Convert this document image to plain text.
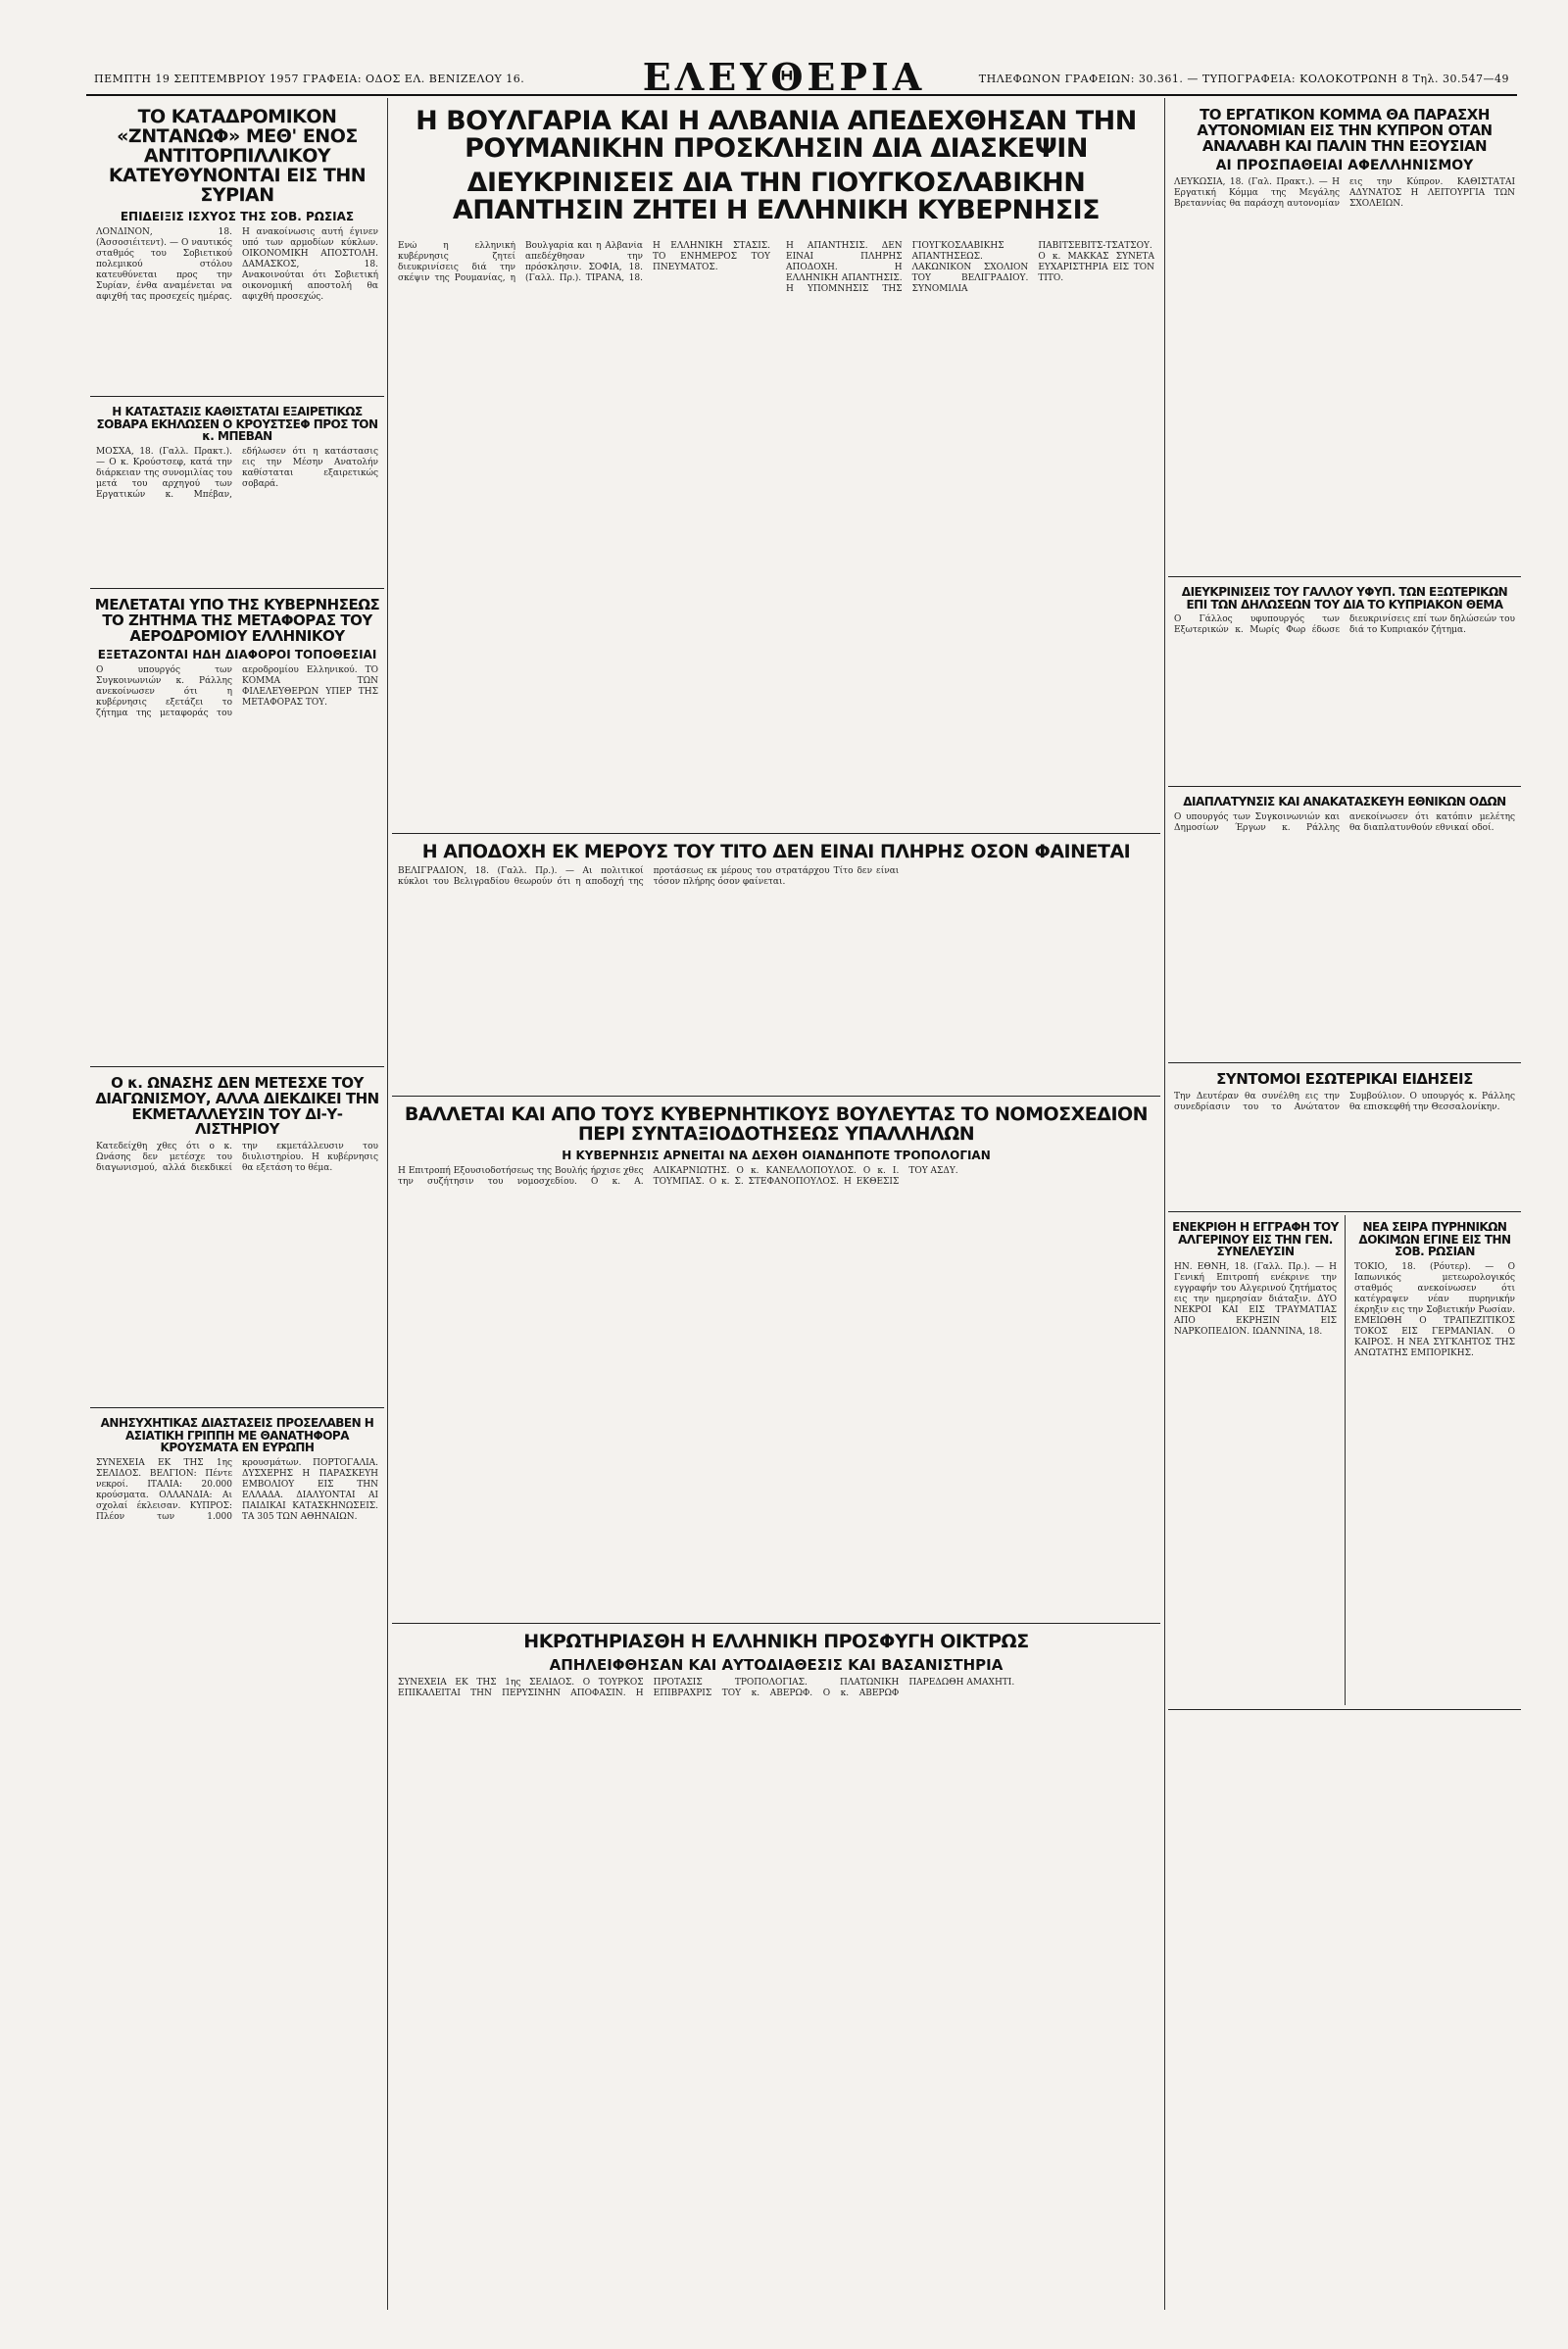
ΠΕΜΠΤΗ 19 ΣΕΠΤΕΜΒΡΙΟΥ 1957 ΓΡΑΦΕΙΑ: ΟΔΟΣ ΕΛ. ΒΕΝΙΖΕΛΟΥ 16.	ΕΛΕΥΘΕΡΙΑ	ΤΗΛΕΦΩΝΟΝ ΓΡΑΦΕΙΩΝ: 30.361. — ΤΥΠΟΓΡΑΦΕΙΑ: ΚΟΛΟΚΟΤΡΩΝΗ 8 Τηλ. 30.547—49
ΤΟ ΚΑΤΑΔΡΟΜΙΚΟΝ «ΖΝΤΑΝΩΦ» ΜΕΘ' ΕΝΟΣ ΑΝΤΙΤΟΡΠΙΛΛΙΚΟΥ ΚΑΤΕΥΘΥΝΟΝΤΑΙ ΕΙΣ ΤΗΝ ΣΥΡΙΑΝ
ΕΠΙΔΕΙΞΙΣ ΙΣΧΥΟΣ ΤΗΣ ΣΟΒ. ΡΩΣΙΑΣ
ΛΟΝΔΙΝΟΝ, 18. (Άσσοσιέιτεντ). — Ο ναυτικός σταθμός του Σοβιετικού πολεμικού στόλου κατευθύνεται προς την Συρίαν, ένθα αναμένεται να αφιχθή τας προσεχείς ημέρας. Η ανακοίνωσις αυτή έγινεν υπό των αρμοδίων κύκλων. ΟΙΚΟΝΟΜΙΚΗ ΑΠΟΣΤΟΛΗ. ΔΑΜΑΣΚΟΣ, 18. Ανακοινούται ότι Σοβιετική οικονομική αποστολή θα αφιχθή προσεχώς.
Η ΚΑΤΑΣΤΑΣΙΣ ΚΑΘΙΣΤΑΤΑΙ ΕΞΑΙΡΕΤΙΚΩΣ ΣΟΒΑΡΑ ΕΚΗΛΩΣΕΝ Ο ΚΡΟΥΣΤΣΕΦ ΠΡΟΣ ΤΟΝ κ. ΜΠΕΒΑΝ
ΜΟΣΧΑ, 18. (Γαλλ. Πρακτ.). — Ο κ. Κρούστσεφ, κατά την διάρκειαν της συνομιλίας του μετά του αρχηγού των Εργατικών κ. Μπέβαν, εδήλωσεν ότι η κατάστασις εις την Μέσην Ανατολήν καθίσταται εξαιρετικώς σοβαρά.
ΜΕΛΕΤΑΤΑΙ ΥΠΟ ΤΗΣ ΚΥΒΕΡΝΗΣΕΩΣ ΤΟ ΖΗΤΗΜΑ ΤΗΣ ΜΕΤΑΦΟΡΑΣ ΤΟΥ ΑΕΡΟΔΡΟΜΙΟΥ ΕΛΛΗΝΙΚΟΥ
ΕΞΕΤΑΖΟΝΤΑΙ ΗΔΗ ΔΙΑΦΟΡΟΙ ΤΟΠΟΘΕΣΙΑΙ
Ο υπουργός των Συγκοινωνιών κ. Ράλλης ανεκοίνωσεν ότι η κυβέρνησις εξετάζει το ζήτημα της μεταφοράς του αεροδρομίου Ελληνικού. ΤΟ ΚΟΜΜΑ ΤΩΝ ΦΙΛΕΛΕΥΘΕΡΩΝ ΥΠΕΡ ΤΗΣ ΜΕΤΑΦΟΡΑΣ ΤΟΥ.
Ο κ. ΩΝΑΣΗΣ ΔΕΝ ΜΕΤΕΣΧΕ ΤΟΥ ΔΙΑΓΩΝΙΣΜΟΥ, ΑΛΛΑ ΔΙΕΚΔΙΚΕΙ ΤΗΝ ΕΚΜΕΤΑΛΛΕΥΣΙΝ ΤΟΥ ΔΙ-Υ-ΛΙΣΤΗΡΙΟΥ
Κατεδείχθη χθες ότι ο κ. Ωνάσης δεν μετέσχε του διαγωνισμού, αλλά διεκδικεί την εκμετάλλευσιν του διυλιστηρίου. Η κυβέρνησις θα εξετάση το θέμα.
ΑΝΗΣΥΧΗΤΙΚΑΣ ΔΙΑΣΤΑΣΕΙΣ ΠΡΟΣΕΛΑΒΕΝ Η ΑΣΙΑΤΙΚΗ ΓΡΙΠΠΗ ΜΕ ΘΑΝΑΤΗΦΟΡΑ ΚΡΟΥΣΜΑΤΑ ΕΝ ΕΥΡΩΠΗ
ΣΥΝΕΧΕΙΑ ΕΚ ΤΗΣ 1ης ΣΕΛΙΔΟΣ. ΒΕΛΓΙΟΝ: Πέντε νεκροί. ΙΤΑΛΙΑ: 20.000 κρούσματα. ΟΛΛΑΝΔΙΑ: Αι σχολαί έκλεισαν. ΚΥΠΡΟΣ: Πλέον των 1.000 κρουσμάτων. ΠΟΡΤΟΓΑΛΙΑ. ΔΥΣΧΕΡΗΣ Η ΠΑΡΑΣΚΕΥΗ ΕΜΒΟΛΙΟΥ ΕΙΣ ΤΗΝ ΕΛΛΑΔΑ. ΔΙΑΛΥΟΝΤΑΙ ΑΙ ΠΑΙΔΙΚΑΙ ΚΑΤΑΣΚΗΝΩΣΕΙΣ. ΤΑ 305 ΤΩΝ ΑΘΗΝΑΙΩΝ.
Η ΒΟΥΛΓΑΡΙΑ ΚΑΙ Η ΑΛΒΑΝΙΑ ΑΠΕΔΕΧΘΗΣΑΝ ΤΗΝ ΡΟΥΜΑΝΙΚΗΝ ΠΡΟΣΚΛΗΣΙΝ ΔΙΑ ΔΙΑΣΚΕΨΙΝ
ΔΙΕΥΚΡΙΝΙΣΕΙΣ ΔΙΑ ΤΗΝ ΓΙΟΥΓΚΟΣΛΑΒΙΚΗΝ ΑΠΑΝΤΗΣΙΝ ΖΗΤΕΙ Η ΕΛΛΗΝΙΚΗ ΚΥΒΕΡΝΗΣΙΣ
Ενώ η ελληνική κυβέρνησις ζητεί διευκρινίσεις διά την σκέψιν της Ρουμανίας, η Βουλγαρία και η Αλβανία απεδέχθησαν την πρόσκλησιν. ΣΟΦΙΑ, 18. (Γαλλ. Πρ.). ΤΙΡΑΝΑ, 18. Η ΕΛΛΗΝΙΚΗ ΣΤΑΣΙΣ. ΤΟ ΕΝΗΜΕΡΟΣ ΤΟΥ ΠΝΕΥΜΑΤΟΣ.
Η ΑΠΑΝΤΗΣΙΣ. ΔΕΝ ΕΙΝΑΙ ΠΛΗΡΗΣ ΑΠΟΔΟΧΗ. Η ΕΛΛΗΝΙΚΗ ΑΠΑΝΤΗΣΙΣ. Η ΥΠΟΜΝΗΣΙΣ ΤΗΣ ΓΙΟΥΓΚΟΣΛΑΒΙΚΗΣ ΑΠΑΝΤΗΣΕΩΣ. ΛΑΚΩΝΙΚΟΝ ΣΧΟΛΙΟΝ ΤΟΥ ΒΕΛΙΓΡΑΔΙΟΥ. ΣΥΝΟΜΙΛΙΑ ΠΑΒΙΤΣΕΒΙΤΣ-ΤΣΑΤΣΟΥ. Ο κ. ΜΑΚΚΑΣ ΣΥΝΕΤΑ ΕΥΧΑΡΙΣΤΗΡΙΑ ΕΙΣ ΤΟΝ ΤΙΤΟ.
Η ΑΠΟΔΟΧΗ ΕΚ ΜΕΡΟΥΣ ΤΟΥ ΤΙΤΟ ΔΕΝ ΕΙΝΑΙ ΠΛΗΡΗΣ ΟΣΟΝ ΦΑΙΝΕΤΑΙ
ΒΕΛΙΓΡΑΔΙΟΝ, 18. (Γαλλ. Πρ.). — Αι πολιτικοί κύκλοι του Βελιγραδίου θεωρούν ότι η αποδοχή της προτάσεως εκ μέρους του στρατάρχου Τίτο δεν είναι τόσον πλήρης όσον φαίνεται.
ΒΑΛΛΕΤΑΙ ΚΑΙ ΑΠΟ ΤΟΥΣ ΚΥΒΕΡΝΗΤΙΚΟΥΣ ΒΟΥΛΕΥΤΑΣ ΤΟ ΝΟΜΟΣΧΕΔΙΟΝ ΠΕΡΙ ΣΥΝΤΑΞΙΟΔΟΤΗΣΕΩΣ ΥΠΑΛΛΗΛΩΝ
Η ΚΥΒΕΡΝΗΣΙΣ ΑΡΝΕΙΤΑΙ ΝΑ ΔΕΧΘΗ ΟΙΑΝΔΗΠΟΤΕ ΤΡΟΠΟΛΟΓΙΑΝ
Η Επιτροπή Εξουσιοδοτήσεως της Βουλής ήρχισε χθες την συζήτησιν του νομοσχεδίου. Ο κ. Α. ΑΛΙΚΑΡΝΙΩΤΗΣ. Ο κ. ΚΑΝΕΛΛΟΠΟΥΛΟΣ. Ο κ. Ι. ΤΟΥΜΠΑΣ. Ο κ. Σ. ΣΤΕΦΑΝΟΠΟΥΛΟΣ. Η ΕΚΘΕΣΙΣ ΤΟΥ ΑΣΔΥ.
ΗΚΡΩΤΗΡΙΑΣΘΗ Η ΕΛΛΗΝΙΚΗ ΠΡΟΣΦΥΓΗ ΟΙΚΤΡΩΣ
ΑΠΗΛΕΙΦΘΗΣΑΝ ΚΑΙ ΑΥΤΟΔΙΑΘΕΣΙΣ ΚΑΙ ΒΑΣΑΝΙΣΤΗΡΙΑ
ΣΥΝΕΧΕΙΑ ΕΚ ΤΗΣ 1ης ΣΕΛΙΔΟΣ. Ο ΤΟΥΡΚΟΣ ΕΠΙΚΑΛΕΙΤΑΙ ΤΗΝ ΠΕΡΥΣΙΝΗΝ ΑΠΟΦΑΣΙΝ. Η ΠΡΟΤΑΣΙΣ ΤΡΟΠΟΛΟΓΙΑΣ. ΠΛΑΤΩΝΙΚΗ ΕΠΙΒΡΑΧΡΙΣ ΤΟΥ κ. ΑΒΕΡΩΦ. Ο κ. ΑΒΕΡΩΦ ΠΑΡΕΔΩΘΗ ΑΜΑΧΗΤΙ.
ΤΟ ΕΡΓΑΤΙΚΟΝ ΚΟΜΜΑ ΘΑ ΠΑΡΑΣΧΗ ΑΥΤΟΝΟΜΙΑΝ ΕΙΣ ΤΗΝ ΚΥΠΡΟΝ ΟΤΑΝ ΑΝΑΛΑΒΗ ΚΑΙ ΠΑΛΙΝ ΤΗΝ ΕΞΟΥΣΙΑΝ
ΑΙ ΠΡΟΣΠΑΘΕΙΑΙ ΑΦΕΛΛΗΝΙΣΜΟΥ
ΛΕΥΚΩΣΙΑ, 18. (Γαλ. Πρακτ.). — Η Εργατική Κόμμα της Μεγάλης Βρεταννίας θα παράσχη αυτονομίαν εις την Κύπρον. ΚΑΘΙΣΤΑΤΑΙ ΑΔΥΝΑΤΟΣ Η ΛΕΙΤΟΥΡΓΙΑ ΤΩΝ ΣΧΟΛΕΙΩΝ.
ΔΙΕΥΚΡΙΝΙΣΕΙΣ ΤΟΥ ΓΑΛΛΟΥ ΥΦΥΠ. ΤΩΝ ΕΞΩΤΕΡΙΚΩΝ ΕΠΙ ΤΩΝ ΔΗΛΩΣΕΩΝ ΤΟΥ ΔΙΑ ΤΟ ΚΥΠΡΙΑΚΟΝ ΘΕΜΑ
Ο Γάλλος υφυπουργός των Εξωτερικών κ. Μωρίς Φωρ έδωσε διευκρινίσεις επί των δηλώσεών του διά το Κυπριακόν ζήτημα.
ΔΙΑΠΛΑΤΥΝΣΙΣ ΚΑΙ ΑΝΑΚΑΤΑΣΚΕΥΗ ΕΘΝΙΚΩΝ ΟΔΩΝ
Ο υπουργός των Συγκοινωνιών και Δημοσίων Έργων κ. Ράλλης ανεκοίνωσεν ότι κατόπιν μελέτης θα διαπλατυνθούν εθνικαί οδοί.
ΣΥΝΤΟΜΟΙ ΕΣΩΤΕΡΙΚΑΙ ΕΙΔΗΣΕΙΣ
Την Δευτέραν θα συνέλθη εις την συνεδρίασιν του το Ανώτατον Συμβούλιον. Ο υπουργός κ. Ράλλης θα επισκεφθή την Θεσσαλονίκην.
ΕΝΕΚΡΙΘΗ Η ΕΓΓΡΑΦΗ ΤΟΥ ΑΛΓΕΡΙΝΟΥ ΕΙΣ ΤΗΝ ΓΕΝ. ΣΥΝΕΛΕΥΣΙΝ
ΗΝ. ΕΘΝΗ, 18. (Γαλλ. Πρ.). — Η Γενική Επιτροπή ενέκρινε την εγγραφήν του Αλγερινού ζητήματος εις την ημερησίαν διάταξιν. ΔΥΟ ΝΕΚΡΟΙ ΚΑΙ ΕΙΣ ΤΡΑΥΜΑΤΙΑΣ ΑΠΟ ΕΚΡΗΞΙΝ ΕΙΣ ΝΑΡΚΟΠΕΔΙΟΝ. ΙΩΑΝΝΙΝΑ, 18.
ΝΕΑ ΣΕΙΡΑ ΠΥΡΗΝΙΚΩΝ ΔΟΚΙΜΩΝ ΕΓΙΝΕ ΕΙΣ ΤΗΝ ΣΟΒ. ΡΩΣΙΑΝ
ΤΟΚΙΟ, 18. (Ρόυτερ). — Ο Ιαπωνικός μετεωρολογικός σταθμός ανεκοίνωσεν ότι κατέγραψεν νέαν πυρηνικήν έκρηξιν εις την Σοβιετικήν Ρωσίαν. ΕΜΕΙΩΘΗ Ο ΤΡΑΠΕΖΙΤΙΚΟΣ ΤΟΚΟΣ ΕΙΣ ΓΕΡΜΑΝΙΑΝ. Ο ΚΑΙΡΟΣ. Η ΝΕΑ ΣΥΓΚΛΗΤΟΣ ΤΗΣ ΑΝΩΤΑΤΗΣ ΕΜΠΟΡΙΚΗΣ.
